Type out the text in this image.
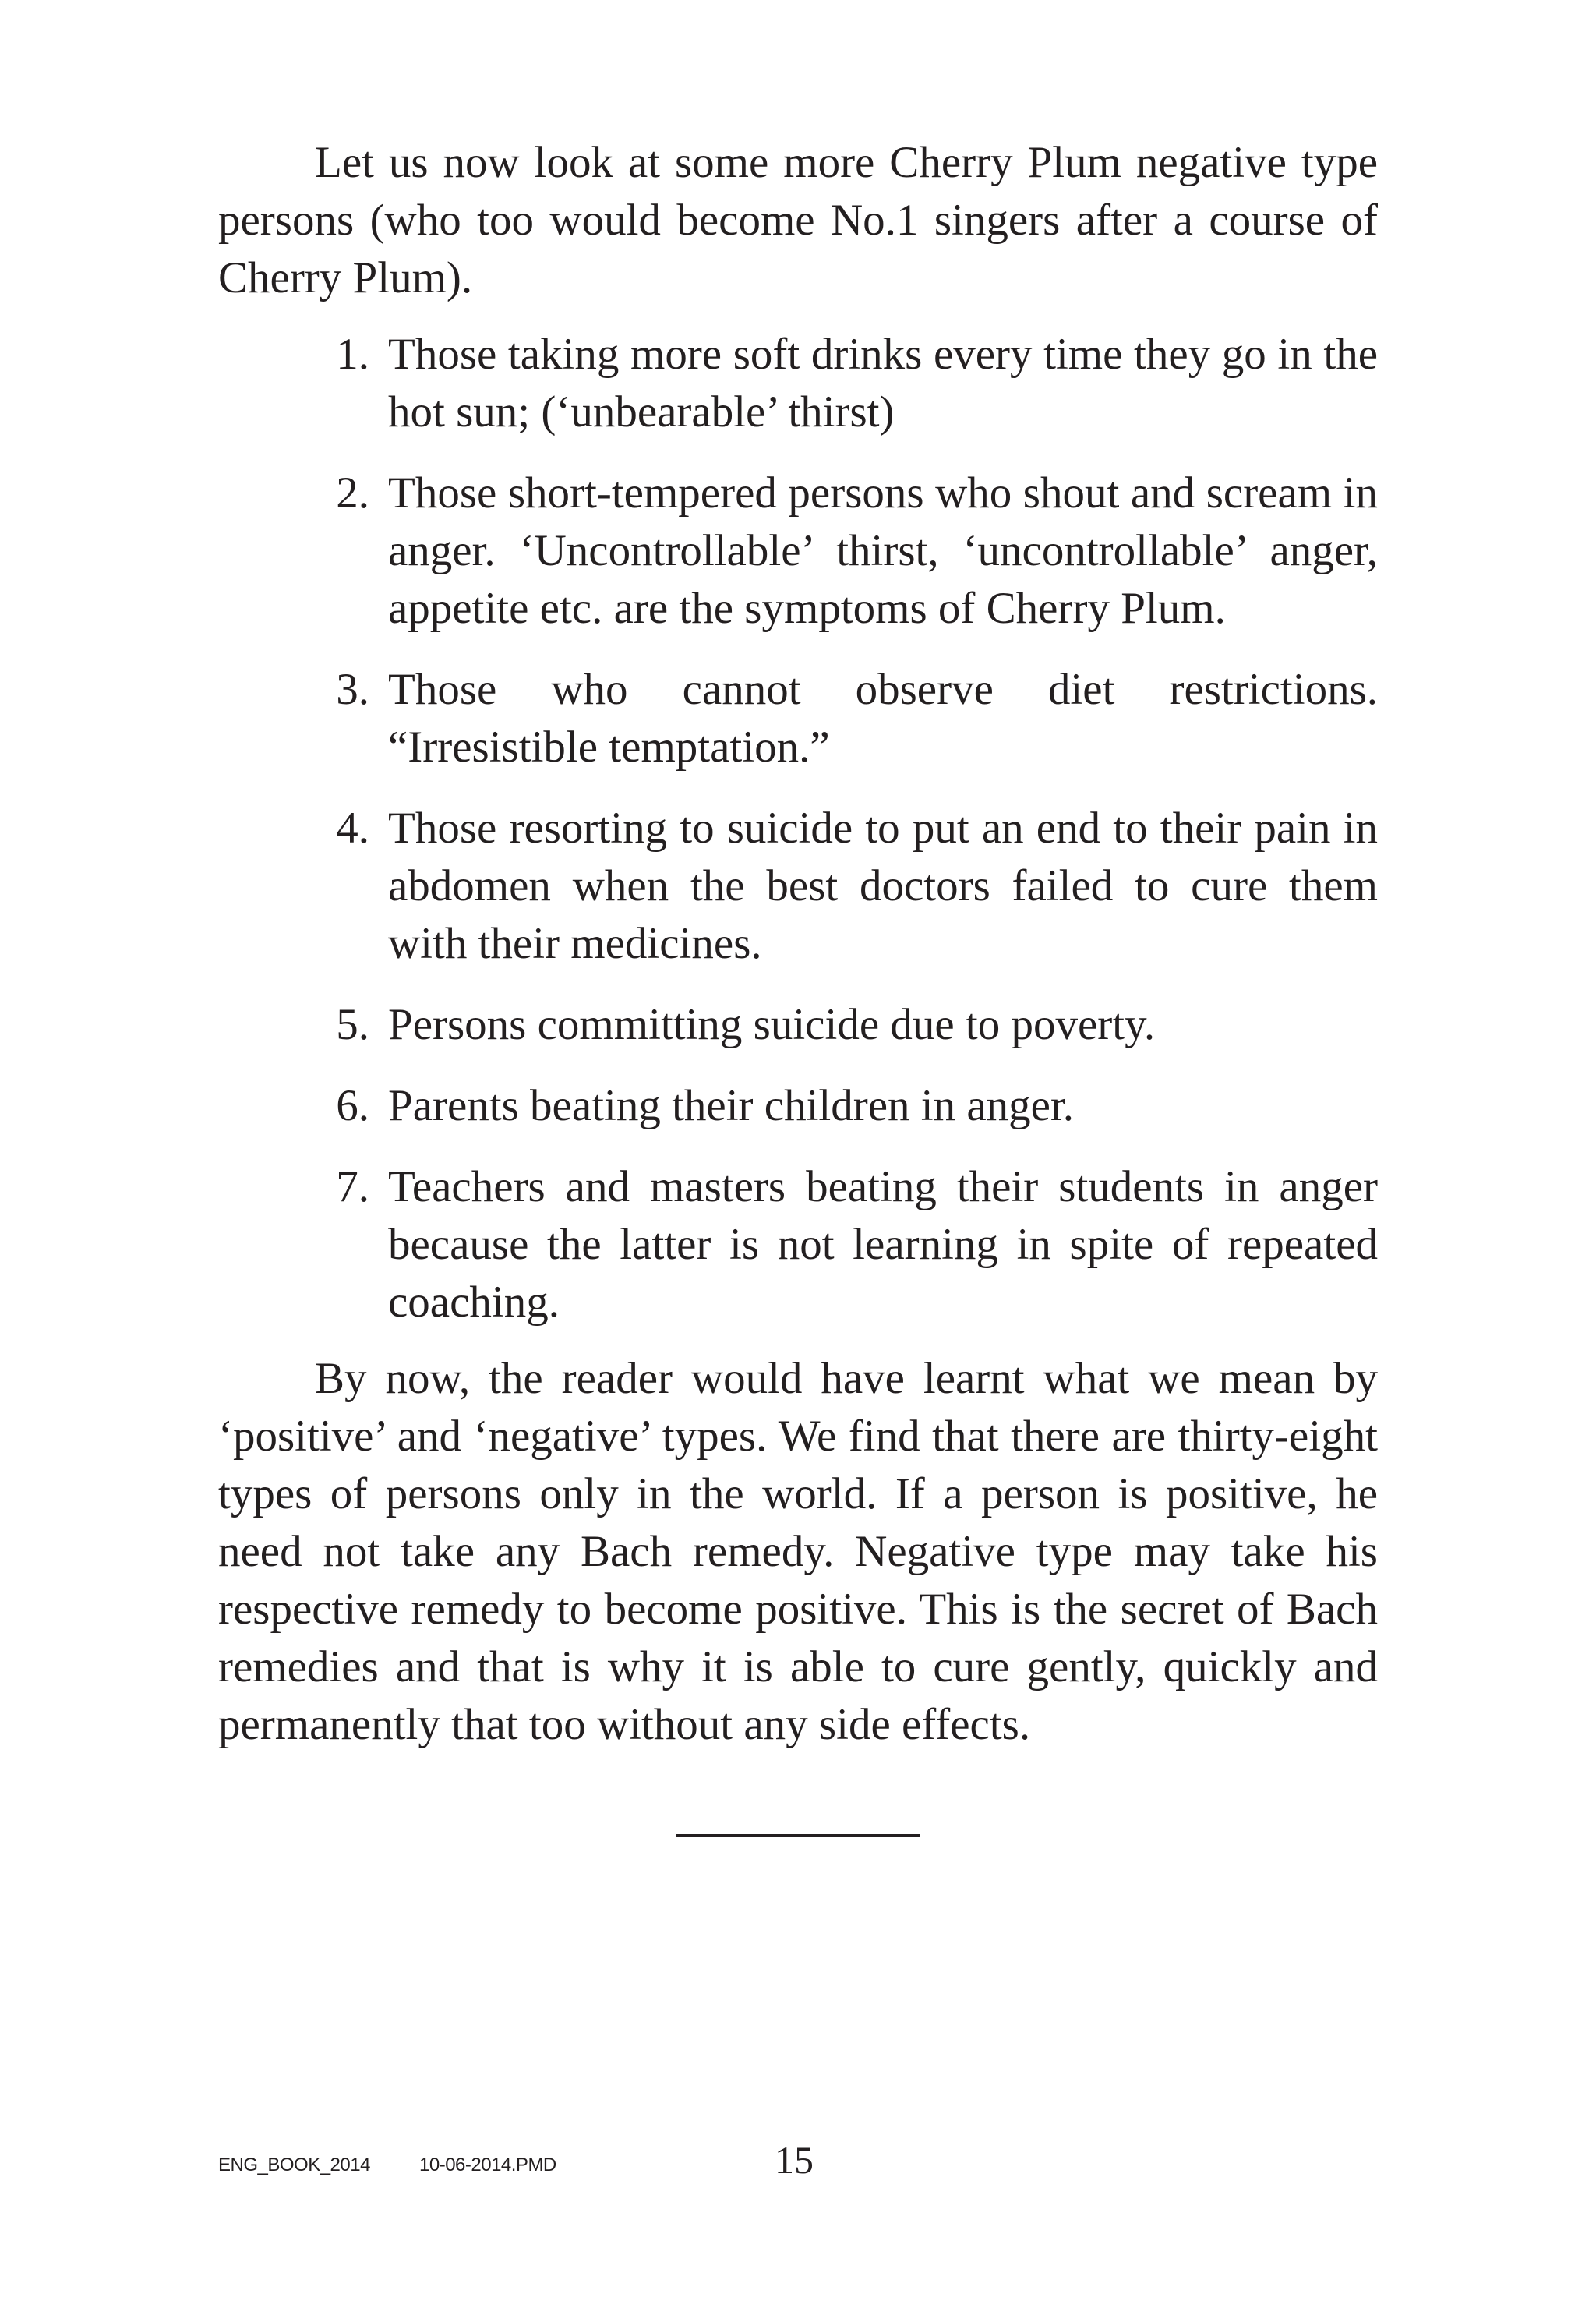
Let us now look at some more Cherry Plum negative type persons (who too would become No.1 singers after a course of Cherry Plum).

1. Those taking more soft drinks every time they go in the hot sun; (‘unbearable’ thirst)
2. Those short-tempered persons who shout and scream in anger. ‘Uncontrollable’ thirst, ‘uncontrollable’ anger, appetite etc. are the symptoms of Cherry Plum.
3. Those who cannot observe diet restrictions. “Irresistible temptation.”
4. Those resorting to suicide to put an end to their pain in abdomen when the best doctors failed to cure them with their medicines.
5. Persons committing suicide due to poverty.
6. Parents beating their children in anger.
7. Teachers and masters beating their students in anger because the latter is not learning in spite of repeated coaching.

By now, the reader would have learnt what we mean by ‘positive’ and ‘negative’ types. We find that there are thirty-eight types of persons only in the world. If a person is positive, he need not take any Bach remedy. Negative type may take his respective remedy to become positive. This is the secret of Bach remedies and that is why it is able to cure gently, quickly and permanently that too without any side effects.

ENG_BOOK_2014	10-06-2014.PMD	15
